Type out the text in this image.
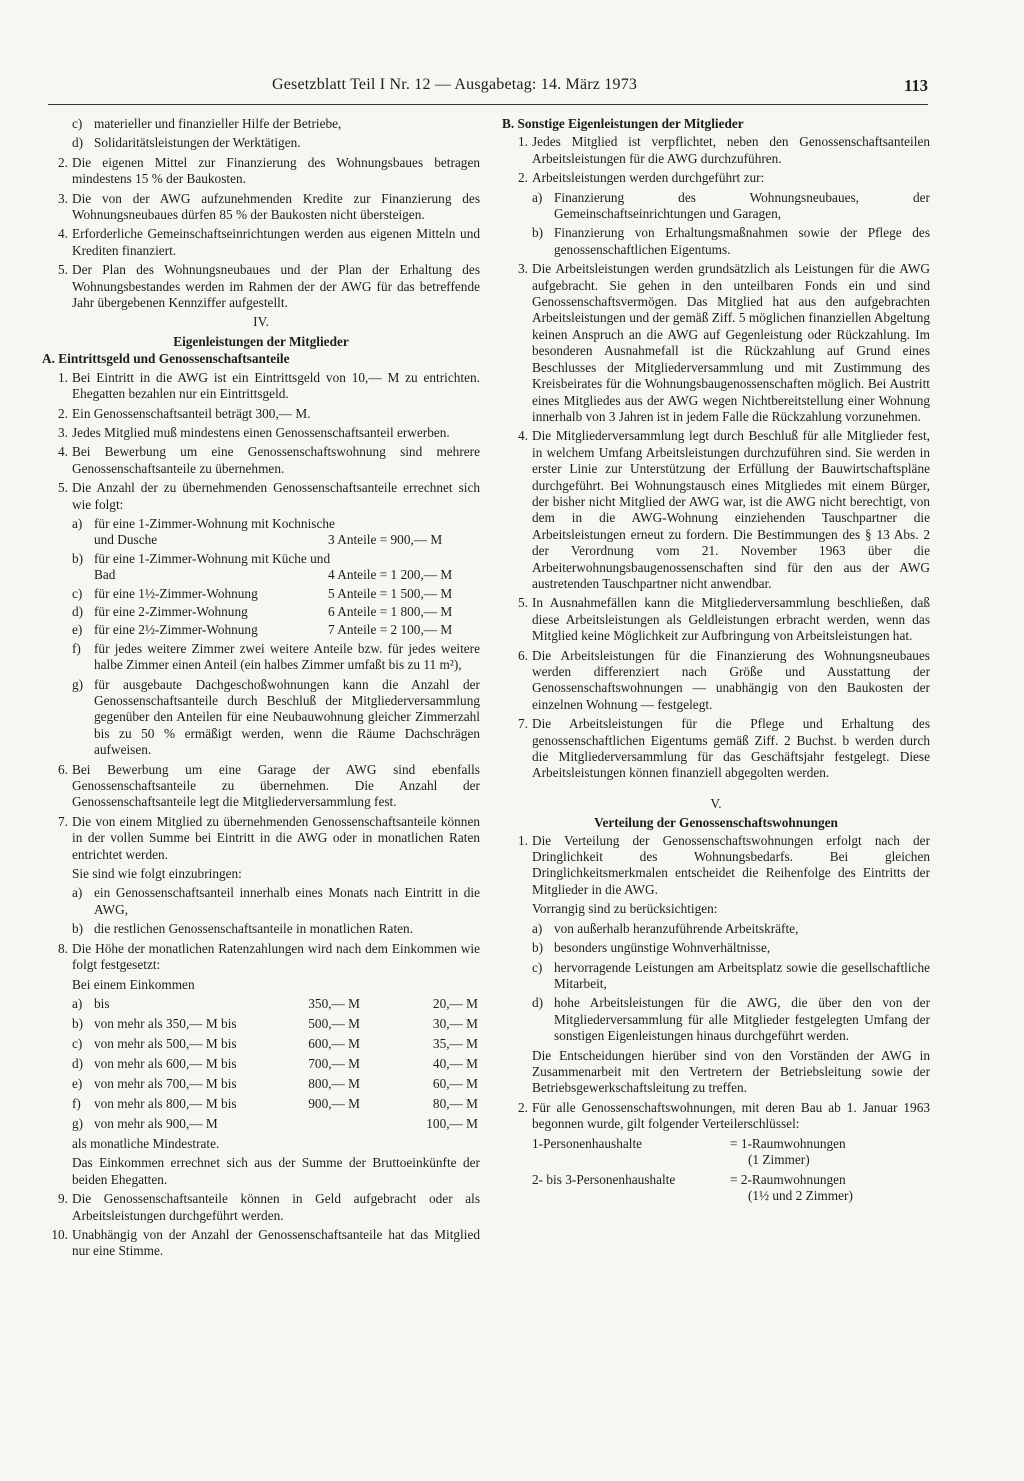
Gesetzblatt Teil I Nr. 12 — Ausgabetag: 14. März 1973	113
c) materieller und finanzieller Hilfe der Betriebe,
d) Solidaritätsleistungen der Werktätigen.
2. Die eigenen Mittel zur Finanzierung des Wohnungsbaues betragen mindestens 15 % der Baukosten.
3. Die von der AWG aufzunehmenden Kredite zur Finanzierung des Wohnungsneubaues dürfen 85 % der Baukosten nicht übersteigen.
4. Erforderliche Gemeinschaftseinrichtungen werden aus eigenen Mitteln und Krediten finanziert.
5. Der Plan des Wohnungsneubaues und der Plan der Erhaltung des Wohnungsbestandes werden im Rahmen der der AWG für das betreffende Jahr übergebenen Kennziffer aufgestellt.
IV.
Eigenleistungen der Mitglieder
A. Eintrittsgeld und Genossenschaftsanteile
1. Bei Eintritt in die AWG ist ein Eintrittsgeld von 10,— M zu entrichten. Ehegatten bezahlen nur ein Eintrittsgeld.
2. Ein Genossenschaftsanteil beträgt 300,— M.
3. Jedes Mitglied muß mindestens einen Genossenschaftsanteil erwerben.
4. Bei Bewerbung um eine Genossenschaftswohnung sind mehrere Genossenschaftsanteile zu übernehmen.
5. Die Anzahl der zu übernehmenden Genossenschaftsanteile errechnet sich wie folgt:
a) für eine 1-Zimmer-Wohnung mit Kochnische und Dusche	3 Anteile = 900,— M
b) für eine 1-Zimmer-Wohnung mit Küche und Bad	4 Anteile = 1 200,— M
c) für eine 1½-Zimmer-Wohnung	5 Anteile = 1 500,— M
d) für eine 2-Zimmer-Wohnung	6 Anteile = 1 800,— M
e) für eine 2½-Zimmer-Wohnung	7 Anteile = 2 100,— M
f) für jedes weitere Zimmer zwei weitere Anteile bzw. für jedes weitere halbe Zimmer einen Anteil (ein halbes Zimmer umfaßt bis zu 11 m²),
g) für ausgebaute Dachgeschoßwohnungen kann die Anzahl der Genossenschaftsanteile durch Beschluß der Mitgliederversammlung gegenüber den Anteilen für eine Neubauwohnung gleicher Zimmerzahl bis zu 50 % ermäßigt werden, wenn die Räume Dachschrägen aufweisen.
6. Bei Bewerbung um eine Garage der AWG sind ebenfalls Genossenschaftsanteile zu übernehmen. Die Anzahl der Genossenschaftsanteile legt die Mitgliederversammlung fest.
7. Die von einem Mitglied zu übernehmenden Genossenschaftsanteile können in der vollen Summe bei Eintritt in die AWG oder in monatlichen Raten entrichtet werden.
Sie sind wie folgt einzubringen:
a) ein Genossenschaftsanteil innerhalb eines Monats nach Eintritt in die AWG,
b) die restlichen Genossenschaftsanteile in monatlichen Raten.
8. Die Höhe der monatlichen Ratenzahlungen wird nach dem Einkommen wie folgt festgesetzt:
Bei einem Einkommen
a) bis	350,— M	20,— M
b) von mehr als 350,— M bis	500,— M	30,— M
c) von mehr als 500,— M bis	600,— M	35,— M
d) von mehr als 600,— M bis	700,— M	40,— M
e) von mehr als 700,— M bis	800,— M	60,— M
f) von mehr als 800,— M bis	900,— M	80,— M
g) von mehr als 900,— M	100,— M
als monatliche Mindestrate.
Das Einkommen errechnet sich aus der Summe der Bruttoeinkünfte der beiden Ehegatten.
9. Die Genossenschaftsanteile können in Geld aufgebracht oder als Arbeitsleistungen durchgeführt werden.
10. Unabhängig von der Anzahl der Genossenschaftsanteile hat das Mitglied nur eine Stimme.
B. Sonstige Eigenleistungen der Mitglieder
1. Jedes Mitglied ist verpflichtet, neben den Genossenschaftsanteilen Arbeitsleistungen für die AWG durchzuführen.
2. Arbeitsleistungen werden durchgeführt zur:
a) Finanzierung des Wohnungsneubaues, der Gemeinschaftseinrichtungen und Garagen,
b) Finanzierung von Erhaltungsmaßnahmen sowie der Pflege des genossenschaftlichen Eigentums.
3. Die Arbeitsleistungen werden grundsätzlich als Leistungen für die AWG aufgebracht. Sie gehen in den unteilbaren Fonds ein und sind Genossenschaftsvermögen. Das Mitglied hat aus den aufgebrachten Arbeitsleistungen und der gemäß Ziff. 5 möglichen finanziellen Abgeltung keinen Anspruch an die AWG auf Gegenleistung oder Rückzahlung. Im besonderen Ausnahmefall ist die Rückzahlung auf Grund eines Beschlusses der Mitgliederversammlung und mit Zustimmung des Kreisbeirates für die Wohnungsbaugenossenschaften möglich. Bei Austritt eines Mitgliedes aus der AWG wegen Nichtbereitstellung einer Wohnung innerhalb von 3 Jahren ist in jedem Falle die Rückzahlung vorzunehmen.
4. Die Mitgliederversammlung legt durch Beschluß für alle Mitglieder fest, in welchem Umfang Arbeitsleistungen durchzuführen sind. Sie werden in erster Linie zur Unterstützung der Erfüllung der Bauwirtschaftspläne durchgeführt. Bei Wohnungstausch eines Mitgliedes mit einem Bürger, der bisher nicht Mitglied der AWG war, ist die AWG nicht berechtigt, von dem in die AWG-Wohnung einziehenden Tauschpartner die Arbeitsleistungen erneut zu fordern. Die Bestimmungen des § 13 Abs. 2 der Verordnung vom 21. November 1963 über die Arbeiterwohnungsbaugenossenschaften sind für den aus der AWG austretenden Tauschpartner nicht anwendbar.
5. In Ausnahmefällen kann die Mitgliederversammlung beschließen, daß diese Arbeitsleistungen als Geldleistungen erbracht werden, wenn das Mitglied keine Möglichkeit zur Aufbringung von Arbeitsleistungen hat.
6. Die Arbeitsleistungen für die Finanzierung des Wohnungsneubaues werden differenziert nach Größe und Ausstattung der Genossenschaftswohnungen — unabhängig von den Baukosten der einzelnen Wohnung — festgelegt.
7. Die Arbeitsleistungen für die Pflege und Erhaltung des genossenschaftlichen Eigentums gemäß Ziff. 2 Buchst. b werden durch die Mitgliederversammlung für das Geschäftsjahr festgelegt. Diese Arbeitsleistungen können finanziell abgegolten werden.
V.
Verteilung der Genossenschaftswohnungen
1. Die Verteilung der Genossenschaftswohnungen erfolgt nach der Dringlichkeit des Wohnungsbedarfs. Bei gleichen Dringlichkeitsmerkmalen entscheidet die Reihenfolge des Eintritts der Mitglieder in die AWG.
Vorrangig sind zu berücksichtigen:
a) von außerhalb heranzuführende Arbeitskräfte,
b) besonders ungünstige Wohnverhältnisse,
c) hervorragende Leistungen am Arbeitsplatz sowie die gesellschaftliche Mitarbeit,
d) hohe Arbeitsleistungen für die AWG, die über den von der Mitgliederversammlung für alle Mitglieder festgelegten Umfang der sonstigen Eigenleistungen hinaus durchgeführt werden.
Die Entscheidungen hierüber sind von den Vorständen der AWG in Zusammenarbeit mit den Vertretern der Betriebsleitung sowie der Betriebsgewerkschaftsleitung zu treffen.
2. Für alle Genossenschaftswohnungen, mit deren Bau ab 1. Januar 1963 begonnen wurde, gilt folgender Verteilerschlüssel:
1-Personenhaushalte	= 1-Raumwohnungen
(1 Zimmer)
2- bis 3-Personenhaushalte	= 2-Raumwohnungen
(1½ und 2 Zimmer)
